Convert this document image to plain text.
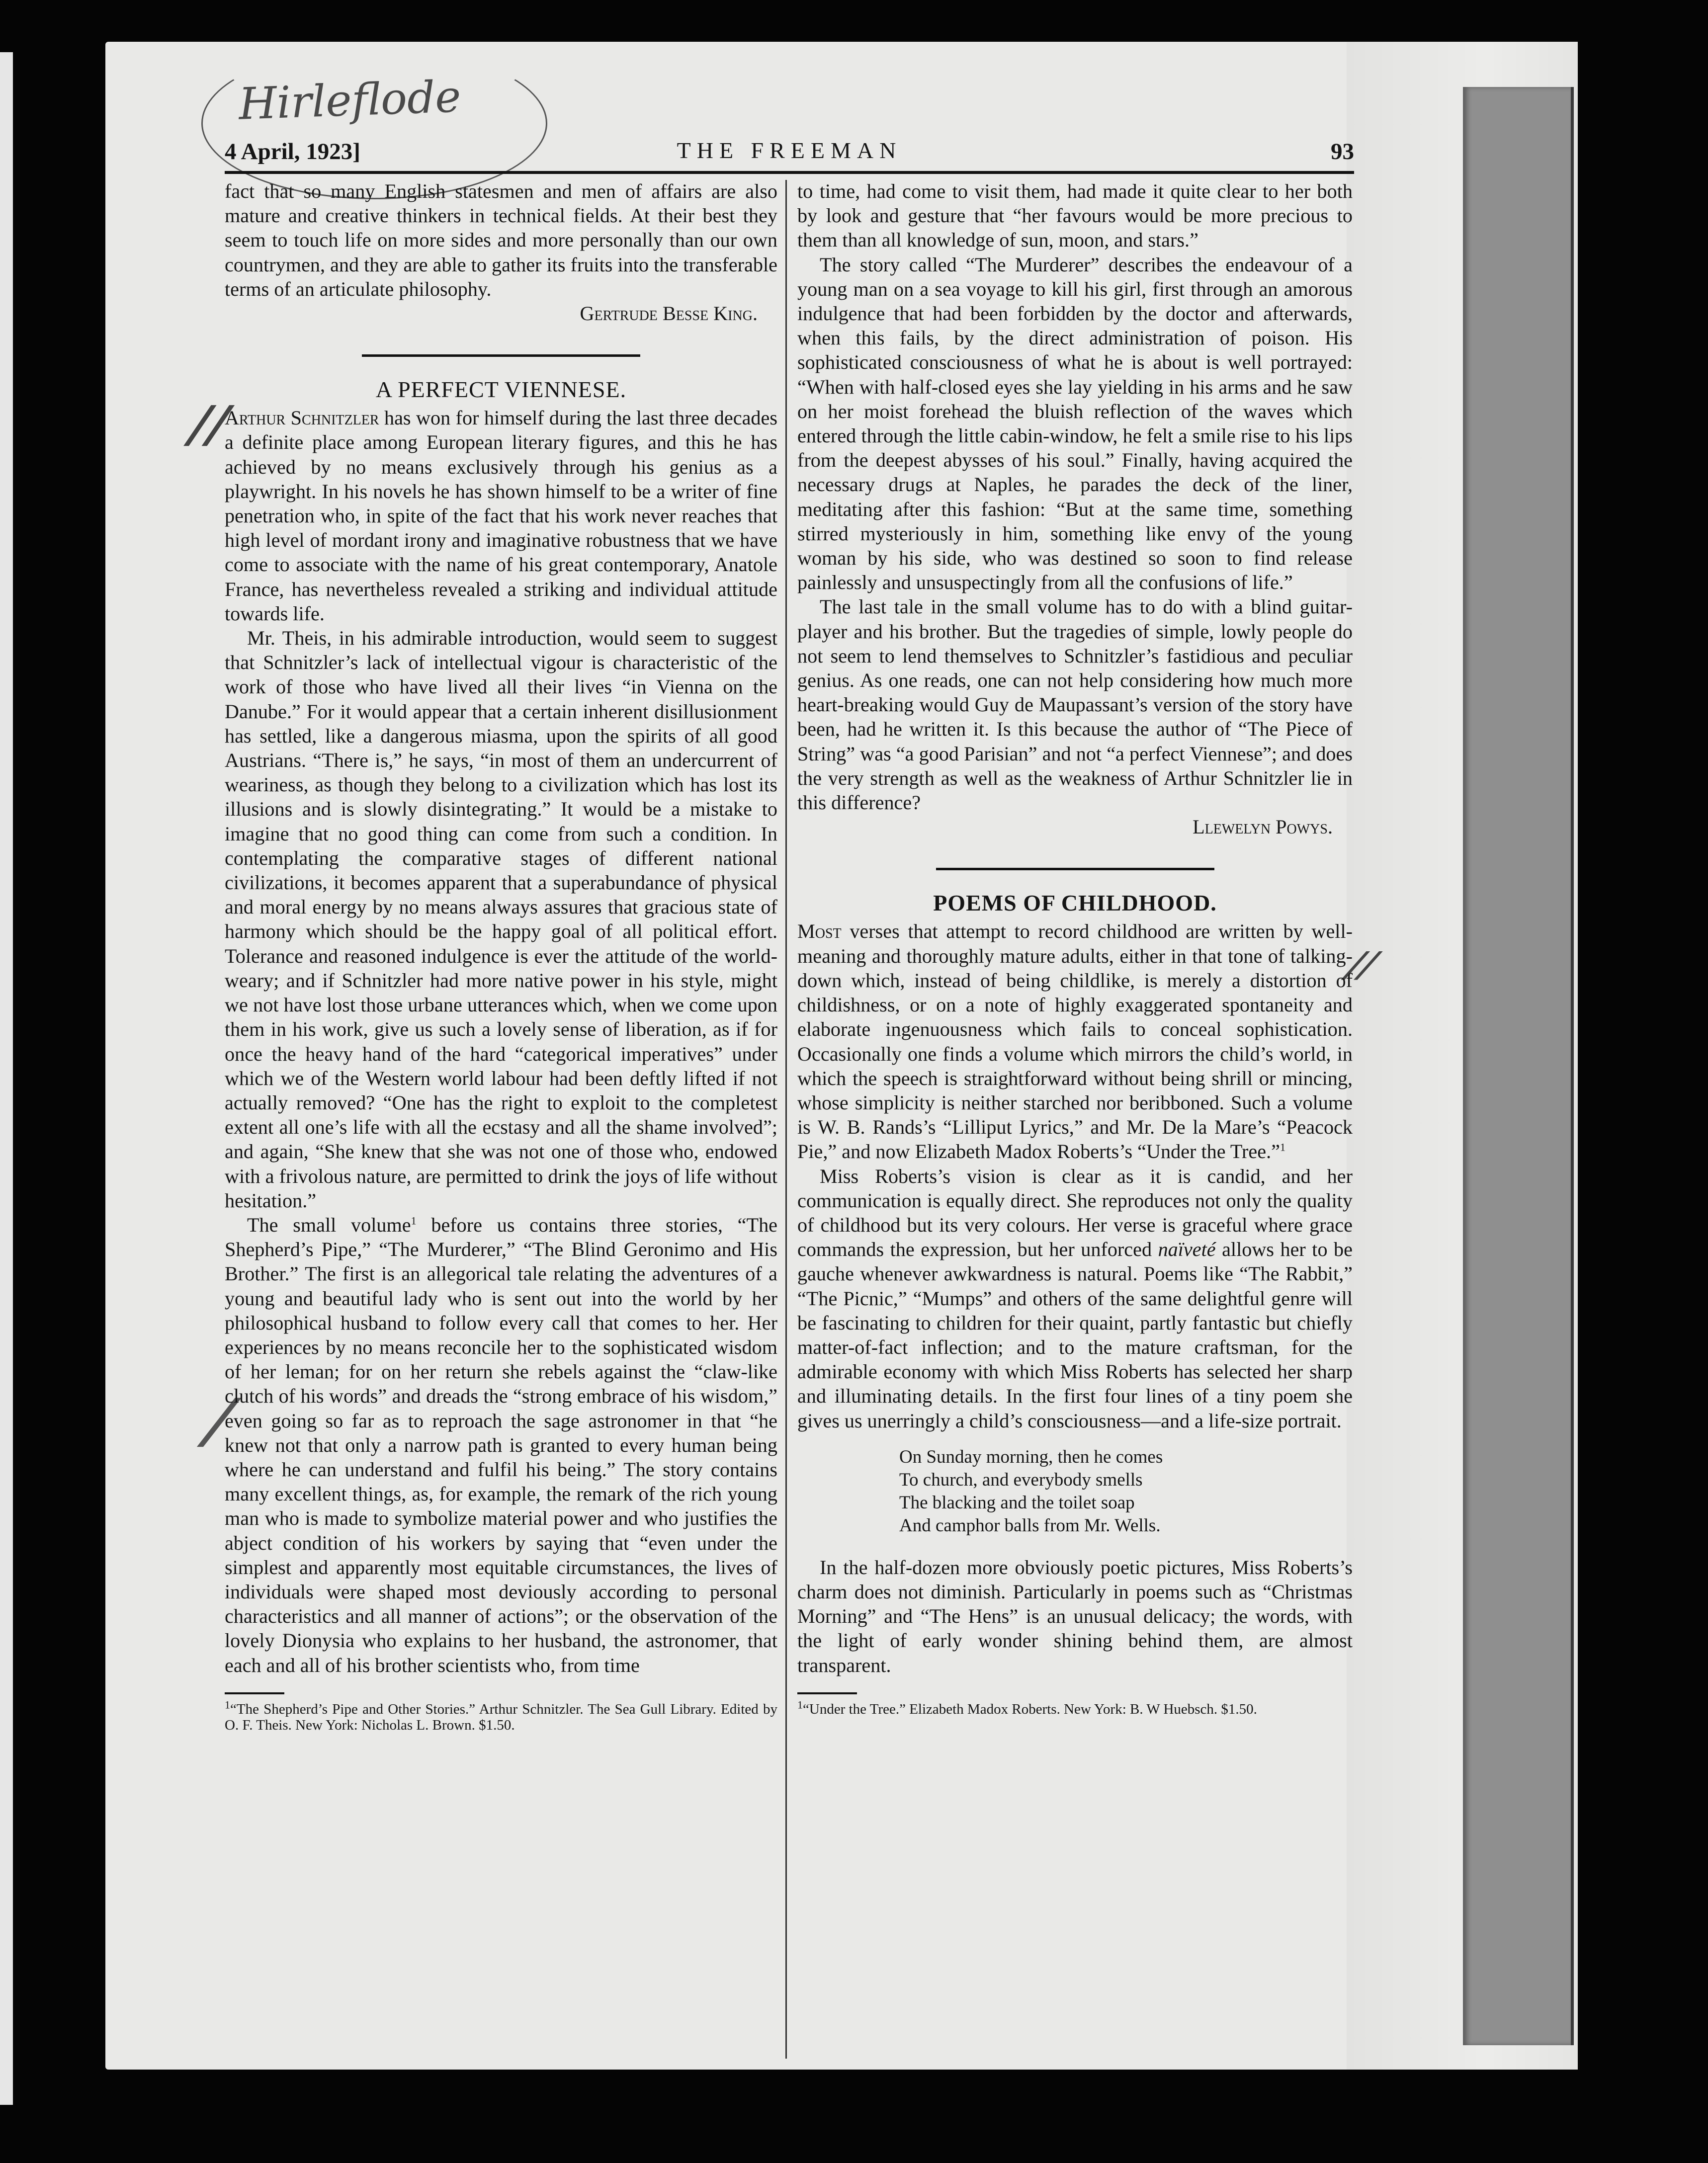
Hirleflode
//
/
//
4 April, 1923]	THE FREEMAN	93

fact that so many English statesmen and men of affairs are also mature and creative thinkers in technical fields. At their best they seem to touch life on more sides and more personally than our own countrymen, and they are able to gather its fruits into the transferable terms of an articulate philosophy.

Gertrude Besse King.

A PERFECT VIENNESE.

Arthur Schnitzler has won for himself during the last three decades a definite place among European literary figures, and this he has achieved by no means exclusively through his genius as a playwright. In his novels he has shown himself to be a writer of fine penetration who, in spite of the fact that his work never reaches that high level of mordant irony and imaginative robustness that we have come to associate with the name of his great contemporary, Anatole France, has nevertheless revealed a striking and individual attitude towards life.

Mr. Theis, in his admirable introduction, would seem to suggest that Schnitzler’s lack of intellectual vigour is characteristic of the work of those who have lived all their lives “in Vienna on the Danube.” For it would appear that a certain inherent disillusionment has settled, like a dangerous miasma, upon the spirits of all good Austrians. “There is,” he says, “in most of them an undercurrent of weariness, as though they belong to a civilization which has lost its illusions and is slowly disintegrating.” It would be a mistake to imagine that no good thing can come from such a condition. In contemplating the comparative stages of different national civilizations, it becomes apparent that a superabundance of physical and moral energy by no means always assures that gracious state of harmony which should be the happy goal of all political effort. Tolerance and reasoned indulgence is ever the attitude of the world-weary; and if Schnitzler had more native power in his style, might we not have lost those urbane utterances which, when we come upon them in his work, give us such a lovely sense of liberation, as if for once the heavy hand of the hard “categorical imperatives” under which we of the Western world labour had been deftly lifted if not actually removed? “One has the right to exploit to the completest extent all one’s life with all the ecstasy and all the shame involved”; and again, “She knew that she was not one of those who, endowed with a frivolous nature, are permitted to drink the joys of life without hesitation.”

The small volume$^1$ before us contains three stories, “The Shepherd’s Pipe,” “The Murderer,” “The Blind Geronimo and His Brother.” The first is an allegorical tale relating the adventures of a young and beautiful lady who is sent out into the world by her philosophical husband to follow every call that comes to her. Her experiences by no means reconcile her to the sophisticated wisdom of her leman; for on her return she rebels against the “claw-like clutch of his words” and dreads the “strong embrace of his wisdom,” even going so far as to reproach the sage astronomer in that “he knew not that only a narrow path is granted to every human being where he can understand and fulfil his being.” The story contains many excellent things, as, for example, the remark of the rich young man who is made to symbolize material power and who justifies the abject condition of his workers by saying that “even under the simplest and apparently most equitable circumstances, the lives of individuals were shaped most deviously according to personal characteristics and all manner of actions”; or the observation of the lovely Dionysia who explains to her husband, the astronomer, that each and all of his brother scientists who, from time

$^1$“The Shepherd’s Pipe and Other Stories.” Arthur Schnitzler. The Sea Gull Library. Edited by O. F. Theis. New York: Nicholas L. Brown. $1.50.

to time, had come to visit them, had made it quite clear to her both by look and gesture that “her favours would be more precious to them than all knowledge of sun, moon, and stars.”

The story called “The Murderer” describes the endeavour of a young man on a sea voyage to kill his girl, first through an amorous indulgence that had been forbidden by the doctor and afterwards, when this fails, by the direct administration of poison. His sophisticated consciousness of what he is about is well portrayed: “When with half-closed eyes she lay yielding in his arms and he saw on her moist forehead the bluish reflection of the waves which entered through the little cabin-window, he felt a smile rise to his lips from the deepest abysses of his soul.” Finally, having acquired the necessary drugs at Naples, he parades the deck of the liner, meditating after this fashion: “But at the same time, something stirred mysteriously in him, something like envy of the young woman by his side, who was destined so soon to find release painlessly and unsuspectingly from all the confusions of life.”

The last tale in the small volume has to do with a blind guitar-player and his brother. But the tragedies of simple, lowly people do not seem to lend themselves to Schnitzler’s fastidious and peculiar genius. As one reads, one can not help considering how much more heart-breaking would Guy de Maupassant’s version of the story have been, had he written it. Is this because the author of “The Piece of String” was “a good Parisian” and not “a perfect Viennese”; and does the very strength as well as the weakness of Arthur Schnitzler lie in this difference?

Llewelyn Powys.

POEMS OF CHILDHOOD.

Most verses that attempt to record childhood are written by well-meaning and thoroughly mature adults, either in that tone of talking-down which, instead of being childlike, is merely a distortion of childishness, or on a note of highly exaggerated spontaneity and elaborate ingenuousness which fails to conceal sophistication. Occasionally one finds a volume which mirrors the child’s world, in which the speech is straightforward without being shrill or mincing, whose simplicity is neither starched nor beribboned. Such a volume is W. B. Rands’s “Lilliput Lyrics,” and Mr. De la Mare’s “Peacock Pie,” and now Elizabeth Madox Roberts’s “Under the Tree.”$^1$

Miss Roberts’s vision is clear as it is candid, and her communication is equally direct. She reproduces not only the quality of childhood but its very colours. Her verse is graceful where grace commands the expression, but her unforced naïveté allows her to be gauche whenever awkwardness is natural. Poems like “The Rabbit,” “The Picnic,” “Mumps” and others of the same delightful genre will be fascinating to children for their quaint, partly fantastic but chiefly matter-of-fact inflection; and to the mature craftsman, for the admirable economy with which Miss Roberts has selected her sharp and illuminating details. In the first four lines of a tiny poem she gives us unerringly a child’s consciousness—and a life-size portrait.

On Sunday morning, then he comes
To church, and everybody smells
The blacking and the toilet soap
And camphor balls from Mr. Wells.

In the half-dozen more obviously poetic pictures, Miss Roberts’s charm does not diminish. Particularly in poems such as “Christmas Morning” and “The Hens” is an unusual delicacy; the words, with the light of early wonder shining behind them, are almost transparent.

$^1$“Under the Tree.” Elizabeth Madox Roberts. New York: B. W Huebsch. $1.50.
